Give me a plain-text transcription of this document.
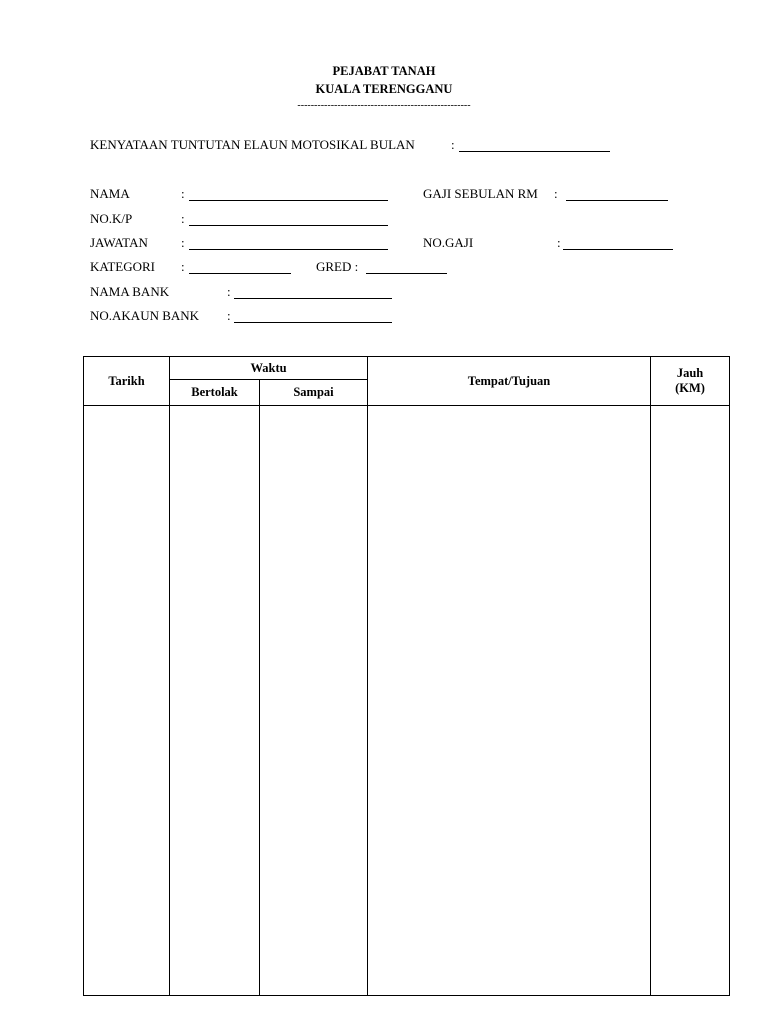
PEJABAT TANAH
KUALA TERENGGANU
----------------------------------------------------
KENYATAAN TUNTUTAN ELAUN MOTOSIKAL BULAN	:
NAMA	:	GAJI SEBULAN RM :
NO.K/P	:
JAWATAN	:	NO.GAJI	:
KATEGORI :	GRED :
NAMA BANK	:
NO.AKAUN BANK :
Tarikh	Waktu		Tempat/Tujuan	Jauh
(KM)

	Bertolak	Sampai		
